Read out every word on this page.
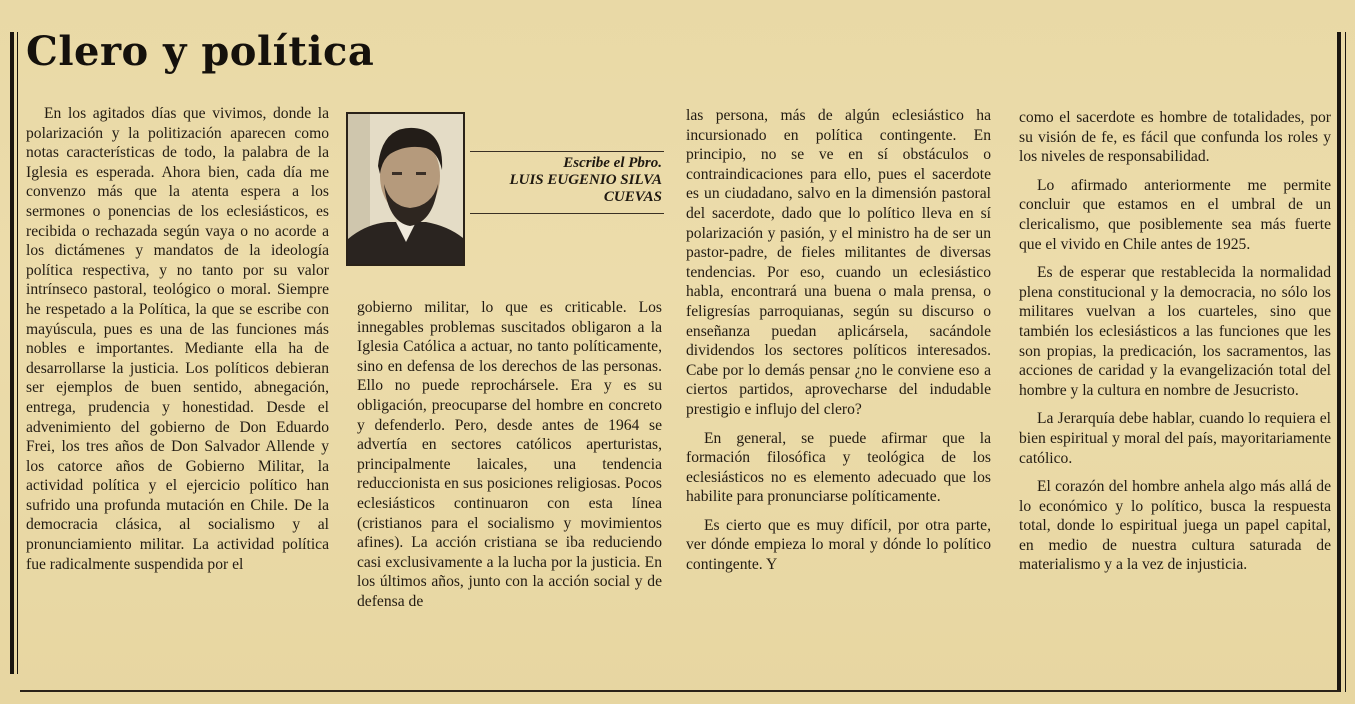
Clero y política

En los agitados días que vivimos, donde la polarización y la politización aparecen como notas características de todo, la palabra de la Iglesia es esperada. Ahora bien, cada día me convenzo más que la atenta espera a los sermones o ponencias de los eclesiásticos, es recibida o rechazada según vaya o no acorde a los dictámenes y mandatos de la ideología política respectiva, y no tanto por su valor intrínseco pastoral, teológico o moral. Siempre he respetado a la Política, la que se escribe con mayúscula, pues es una de las funciones más nobles e importantes. Mediante ella ha de desarrollarse la justicia. Los políticos debieran ser ejemplos de buen sentido, abnegación, entrega, prudencia y honestidad. Desde el advenimiento del gobierno de Don Eduardo Frei, los tres años de Don Salvador Allende y los catorce años de Gobierno Militar, la actividad política y el ejercicio político han sufrido una profunda mutación en Chile. De la democracia clásica, al socialismo y al pronunciamiento militar. La actividad política fue radicalmente suspendida por el

Escribe el Pbro.
LUIS EUGENIO SILVA
CUEVAS

gobierno militar, lo que es criticable. Los innegables problemas suscitados obligaron a la Iglesia Católica a actuar, no tanto políticamente, sino en defensa de los derechos de las personas. Ello no puede reprochársele. Era y es su obligación, preocuparse del hombre en concreto y defenderlo. Pero, desde antes de 1964 se advertía en sectores católicos aperturistas, principalmente laicales, una tendencia reduccionista en sus posiciones religiosas. Pocos eclesiásticos continuaron con esta línea (cristianos para el socialismo y movimientos afines). La acción cristiana se iba reduciendo casi exclusivamente a la lucha por la justicia. En los últimos años, junto con la acción social y de defensa de

las persona, más de algún eclesiástico ha incursionado en política contingente. En principio, no se ve en sí obstáculos o contraindicaciones para ello, pues el sacerdote es un ciudadano, salvo en la dimensión pastoral del sacerdote, dado que lo político lleva en sí polarización y pasión, y el ministro ha de ser un pastor-padre, de fieles militantes de diversas tendencias. Por eso, cuando un eclesiástico habla, encontrará una buena o mala prensa, o feligresías parroquianas, según su discurso o enseñanza puedan aplicársela, sacándole dividendos los sectores políticos interesados. Cabe por lo demás pensar ¿no le conviene eso a ciertos partidos, aprovecharse del indudable prestigio e influjo del clero?

En general, se puede afirmar que la formación filosófica y teológica de los eclesiásticos no es elemento adecuado que los habilite para pronunciarse políticamente.

Es cierto que es muy difícil, por otra parte, ver dónde empieza lo moral y dónde lo político contingente. Y

como el sacerdote es hombre de totalidades, por su visión de fe, es fácil que confunda los roles y los niveles de responsabilidad.

Lo afirmado anteriormente me permite concluir que estamos en el umbral de un clericalismo, que posiblemente sea más fuerte que el vivido en Chile antes de 1925.

Es de esperar que restablecida la normalidad plena constitucional y la democracia, no sólo los militares vuelvan a los cuarteles, sino que también los eclesiásticos a las funciones que les son propias, la predicación, los sacramentos, las acciones de caridad y la evangelización total del hombre y la cultura en nombre de Jesucristo.

La Jerarquía debe hablar, cuando lo requiera el bien espiritual y moral del país, mayoritariamente católico.

El corazón del hombre anhela algo más allá de lo económico y lo político, busca la respuesta total, donde lo espiritual juega un papel capital, en medio de nuestra cultura saturada de materialismo y a la vez de injusticia.
